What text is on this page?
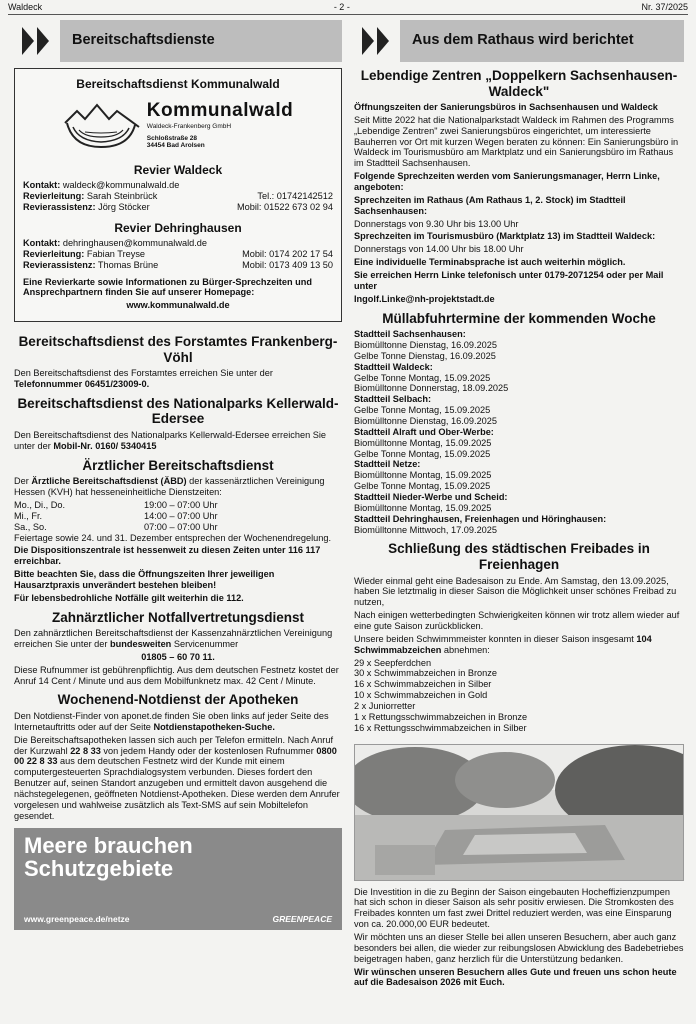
Waldeck	- 2 -	Nr. 37/2025
Bereitschaftsdienste
Bereitschaftsdienst Kommunalwald
Kommunalwald
Waldeck-Frankenberg GmbH
Schloßstraße 28
34454 Bad Arolsen
Revier Waldeck
Kontakt: waldeck@kommunalwald.de
Revierleitung: Sarah Steinbrück	Tel.: 01742142512
Revierassistenz: Jörg Stöcker	Mobil: 01522 673 02 94
Revier Dehringhausen
Kontakt: dehringhausen@kommunalwald.de
Revierleitung: Fabian Treyse	Mobil: 0174 202 17 54
Revierassistenz: Thomas Brüne	Mobil: 0173 409 13 50

Eine Revierkarte sowie Informationen zu Bürger-Sprechzeiten und Ansprechpartnern finden Sie auf unserer Homepage:

www.kommunalwald.de

Bereitschaftsdienst des Forstamtes Frankenberg-Vöhl

Den Bereitschaftsdienst des Forstamtes erreichen Sie unter der Telefonnummer 06451/23009-0.

Bereitschaftsdienst des Nationalparks Kellerwald-Edersee

Den Bereitschaftsdienst des Nationalparks Kellerwald-Edersee erreichen Sie unter der Mobil-Nr. 0160/ 5340415

Ärztlicher Bereitschaftsdienst

Der Ärztliche Bereitschaftsdienst (ÄBD) der kassenärztlichen Vereinigung Hessen (KVH) hat hesseneinheitliche Dienstzeiten:

Mo., Di., Do.	19:00 – 07:00 Uhr
Mi., Fr.	14:00 – 07:00 Uhr
Sa., So.	07:00 – 07:00 Uhr

Feiertage sowie 24. und 31. Dezember entsprechen der Wochenendregelung.

Die Dispositionszentrale ist hessenweit zu diesen Zeiten unter 116 117 erreichbar.

Bitte beachten Sie, dass die Öffnungszeiten Ihrer jeweiligen Hausarztpraxis unverändert bestehen bleiben!

Für lebensbedrohliche Notfälle gilt weiterhin die 112.

Zahnärztlicher Notfallvertretungsdienst

Den zahnärztlichen Bereitschaftsdienst der Kassenzahnärztlichen Vereinigung erreichen Sie unter der bundesweiten Servicenummer

01805 – 60 70 11.

Diese Rufnummer ist gebührenpflichtig. Aus dem deutschen Festnetz kostet der Anruf 14 Cent / Minute und aus dem Mobilfunknetz max. 42 Cent / Minute.

Wochenend-Notdienst der Apotheken

Den Notdienst-Finder von aponet.de finden Sie oben links auf jeder Seite des Internetauftritts oder auf der Seite Notdienstapotheken-Suche.

Die Bereitschaftsapotheken lassen sich auch per Telefon ermitteln. Nach Anruf der Kurzwahl 22 8 33 von jedem Handy oder der kostenlosen Rufnummer 0800 00 22 8 33 aus dem deutschen Festnetz wird der Kunde mit einem computergesteuerten Sprachdialogsystem verbunden. Dieses fordert den Benutzer auf, seinen Standort anzugeben und ermittelt davon ausgehend die nächstegelegenen, geöffneten Notdienst-Apotheken. Diese werden dem Anrufer vorgelesen und wahlweise zusätzlich als Text-SMS auf sein Mobiltelefon gesendet.

Meere brauchen
Schutzgebiete
www.greenpeace.de/netze	GREENPEACE
Aus dem Rathaus wird berichtet
Lebendige Zentren „Doppelkern Sachsenhausen-Waldeck"

Öffnungszeiten der Sanierungsbüros in Sachsenhausen und Waldeck

Seit Mitte 2022 hat die Nationalparkstadt Waldeck im Rahmen des Programms „Lebendige Zentren" zwei Sanierungsbüros eingerichtet, um interessierte Bauherren vor Ort mit kurzen Wegen beraten zu können: Ein Sanierungsbüro in Waldeck im Tourismusbüro am Marktplatz und ein Sanierungsbüro im Rathaus im Stadtteil Sachsenhausen.

Folgende Sprechzeiten werden vom Sanierungsmanager, Herrn Linke, angeboten:

Sprechzeiten im Rathaus (Am Rathaus 1, 2. Stock) im Stadtteil Sachsenhausen:

Donnerstags von 9.30 Uhr bis 13.00 Uhr

Sprechzeiten im Tourismusbüro (Marktplatz 13) im Stadtteil Waldeck:

Donnerstags von 14.00 Uhr bis 18.00 Uhr

Eine individuelle Terminabsprache ist auch weiterhin möglich.

Sie erreichen Herrn Linke telefonisch unter 0179-2071254 oder per Mail unter

Ingolf.Linke@nh-projektstadt.de

Müllabfuhrtermine der kommenden Woche
Stadtteil Sachsenhausen:
Biomülltonne Dienstag, 16.09.2025
Gelbe Tonne Dienstag, 16.09.2025
Stadtteil Waldeck:
Gelbe Tonne Montag, 15.09.2025
Biomülltonne Donnerstag, 18.09.2025
Stadtteil Selbach:
Gelbe Tonne Montag, 15.09.2025
Biomülltonne Dienstag, 16.09.2025
Stadtteil Alraft und Ober-Werbe:
Biomülltonne Montag, 15.09.2025
Gelbe Tonne Montag, 15.09.2025
Stadtteil Netze:
Biomülltonne Montag, 15.09.2025
Gelbe Tonne Montag, 15.09.2025
Stadtteil Nieder-Werbe und Scheid:
Biomülltonne Montag, 15.09.2025
Stadtteil Dehringhausen, Freienhagen und Höringhausen:
Biomülltonne Mittwoch, 17.09.2025
Schließung des städtischen Freibades in Freienhagen

Wieder einmal geht eine Badesaison zu Ende. Am Samstag, den 13.09.2025, haben Sie letztmalig in dieser Saison die Möglichkeit unser schönes Freibad zu nutzen,

Nach einigen wetterbedingten Schwierigkeiten können wir trotz allem wieder auf eine gute Saison zurückblicken.

Unsere beiden Schwimmmeister konnten in dieser Saison insgesamt 104 Schwimmabzeichen abnehmen:

29 x Seepferdchen
30 x Schwimmabzeichen in Bronze
16 x Schwimmabzeichen in Silber
10 x Schwimmabzeichen in Gold
2 x Juniorretter
1 x Rettungsschwimmabzeichen in Bronze
16 x Rettungsschwimmabzeichen in Silber

Die Investition in die zu Beginn der Saison eingebauten Hocheffizienzpumpen hat sich schon in dieser Saison als sehr positiv erwiesen. Die Stromkosten des Freibades konnten um fast zwei Drittel reduziert werden, was eine Einsparung von ca. 20.000,00 EUR bedeutet.

Wir möchten uns an dieser Stelle bei allen unseren Besuchern, aber auch ganz besonders bei allen, die wieder zur reibungslosen Abwicklung des Badebetriebes beigetragen haben, ganz herzlich für die Unterstützung bedanken.

Wir wünschen unseren Besuchern alles Gute und freuen uns schon heute auf die Badesaison 2026 mit Euch.
